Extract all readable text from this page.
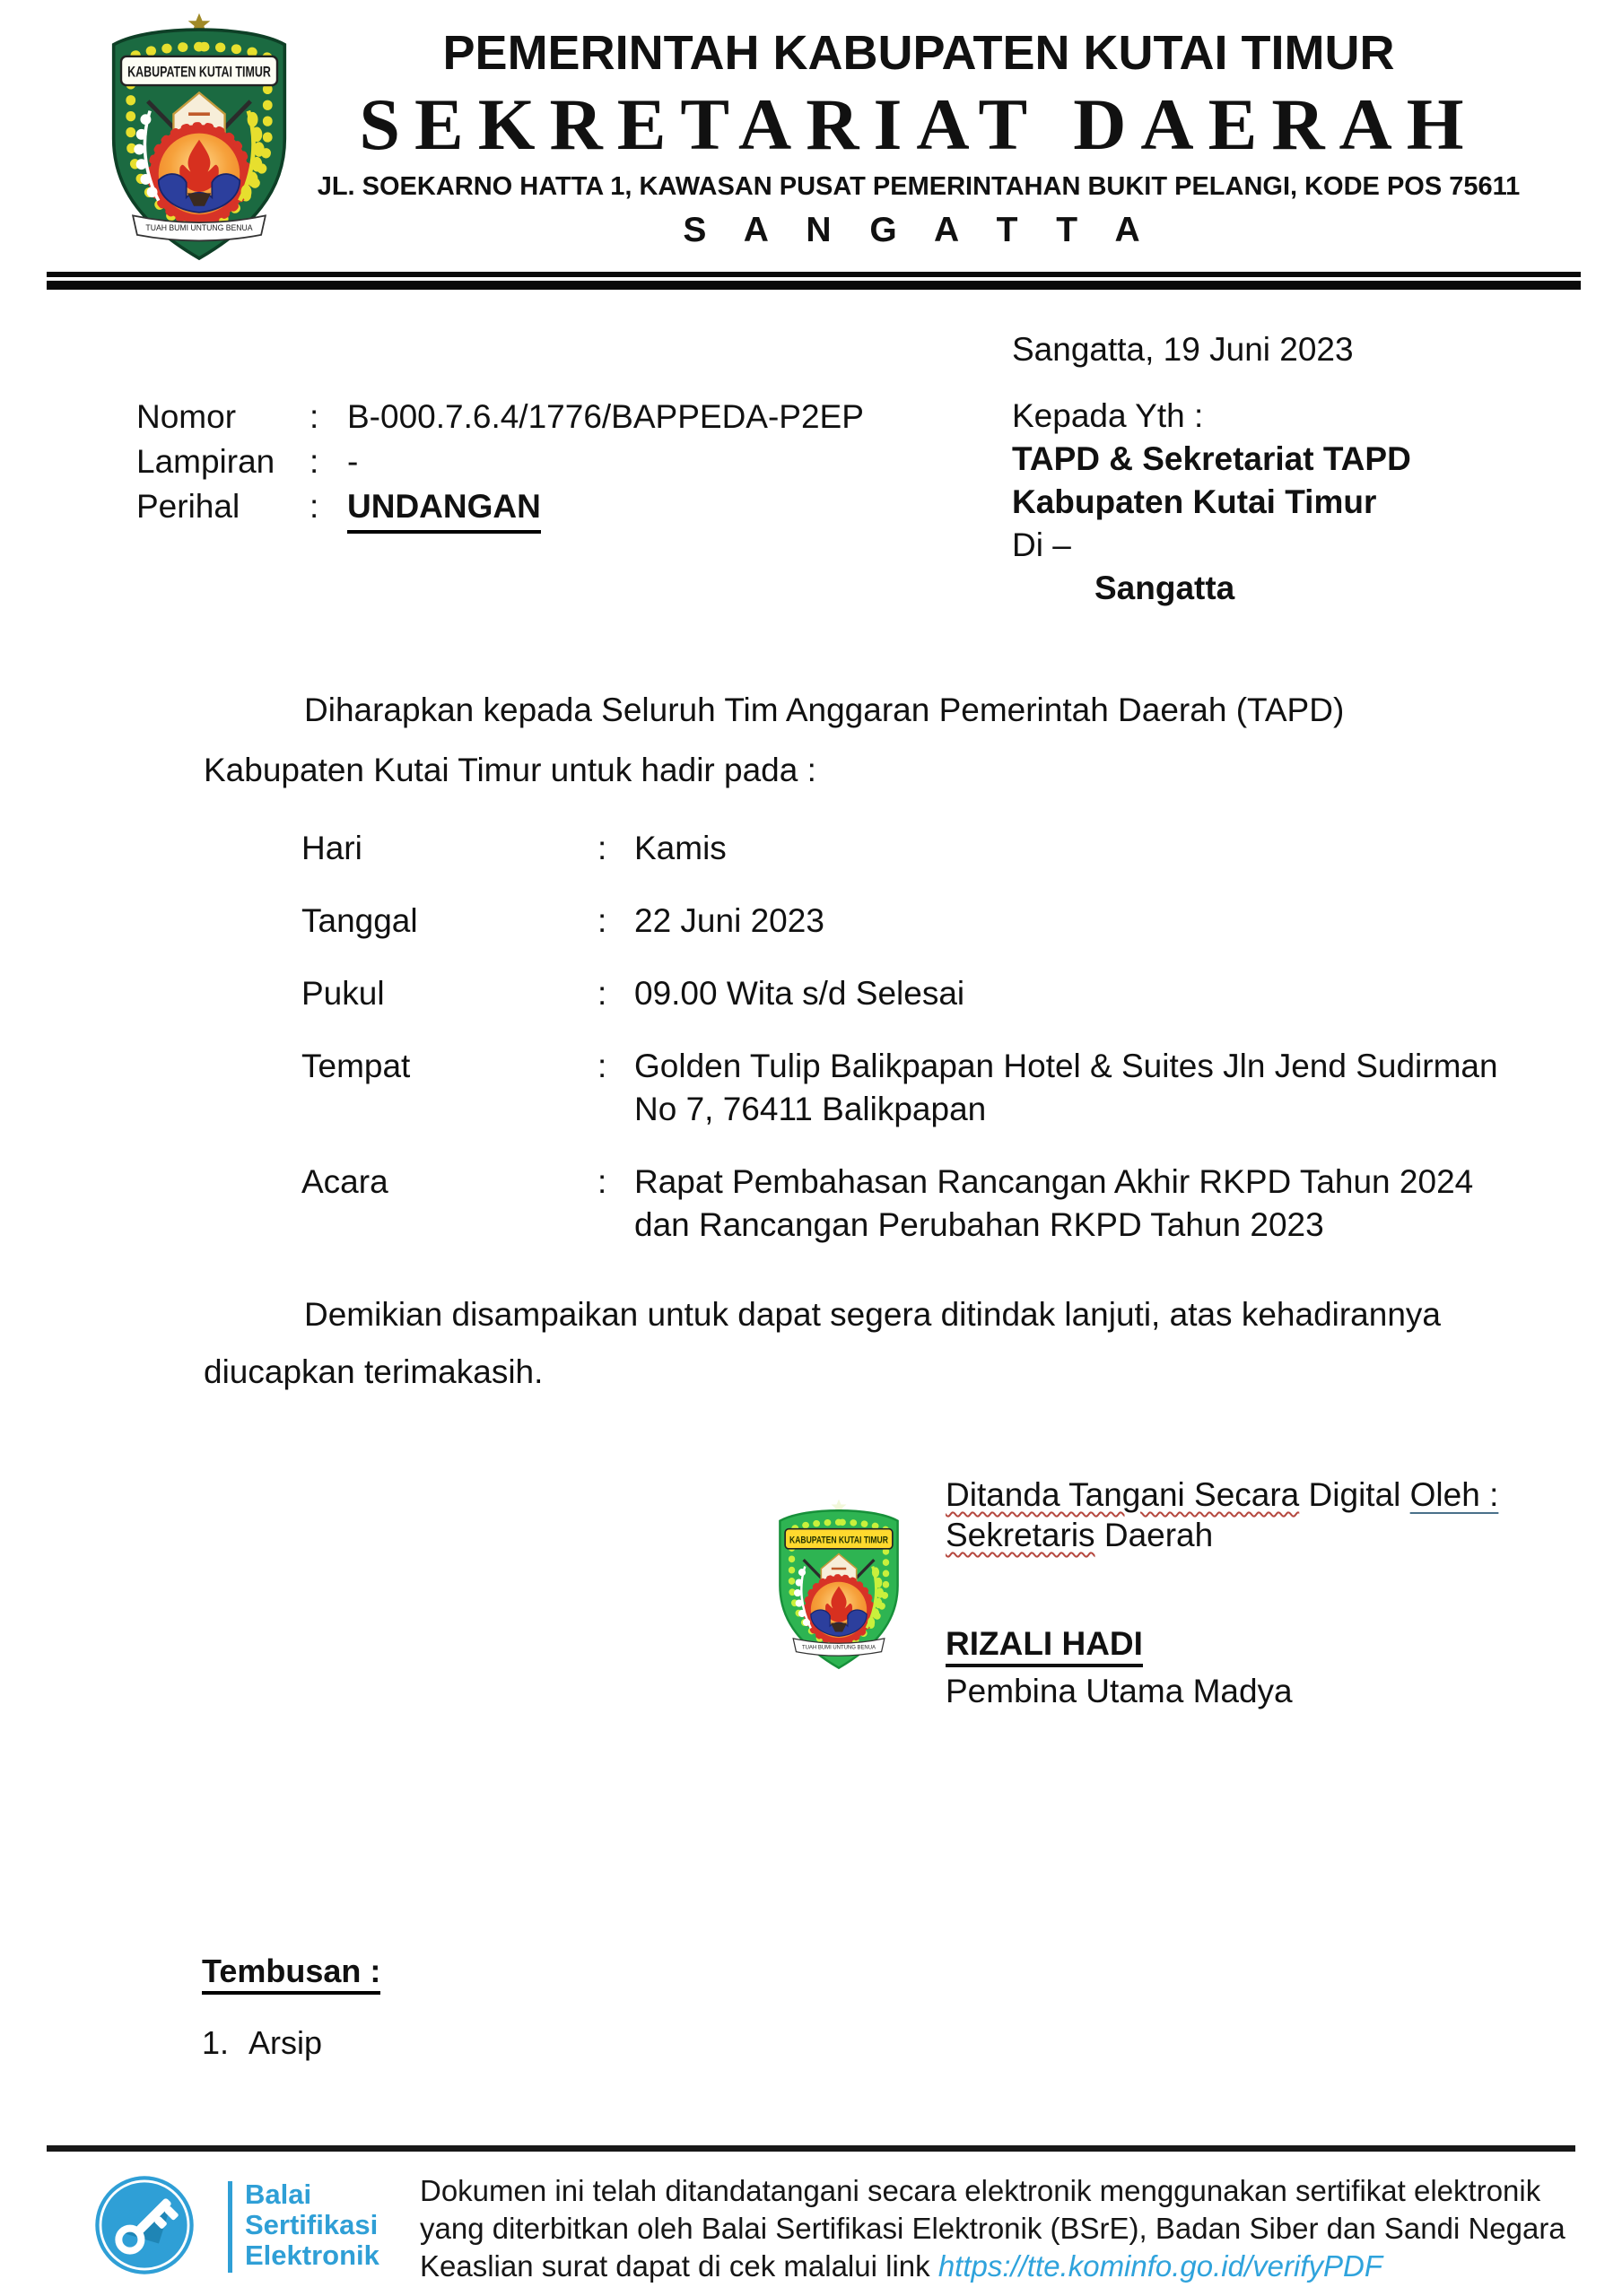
PEMERINTAH KABUPATEN KUTAI TIMUR
SEKRETARIAT DAERAH
JL. SOEKARNO HATTA 1, KAWASAN PUSAT PEMERINTAHAN BUKIT PELANGI, KODE POS 75611
S A N G A T T A
Nomor	: B-000.7.6.4/1776/BAPPEDA-P2EP
Lampiran	: -
Perihal	: UNDANGAN
Sangatta, 19 Juni 2023
Kepada Yth :
TAPD & Sekretariat TAPD
Kabupaten Kutai Timur
Di –
Sangatta
Diharapkan kepada Seluruh Tim Anggaran Pemerintah Daerah (TAPD)
Kabupaten Kutai Timur untuk hadir pada :
Hari	: Kamis
Tanggal	: 22 Juni 2023
Pukul	: 09.00 Wita s/d Selesai
Tempat	: Golden Tulip Balikpapan Hotel & Suites Jln Jend Sudirman No 7, 76411 Balikpapan
Acara	: Rapat Pembahasan Rancangan Akhir RKPD Tahun 2024 dan Rancangan Perubahan RKPD Tahun 2023
Demikian disampaikan untuk dapat segera ditindak lanjuti, atas kehadirannya
diucapkan terimakasih.
Ditanda Tangani Secara Digital Oleh :
Sekretaris Daerah
RIZALI HADI
Pembina Utama Madya
Tembusan :
1. Arsip
Balai
Sertifikasi
Elektronik
Dokumen ini telah ditandatangani secara elektronik menggunakan sertifikat elektronik
yang diterbitkan oleh Balai Sertifikasi Elektronik (BSrE), Badan Siber dan Sandi Negara
Keaslian surat dapat di cek malalui link https://tte.kominfo.go.id/verifyPDF
